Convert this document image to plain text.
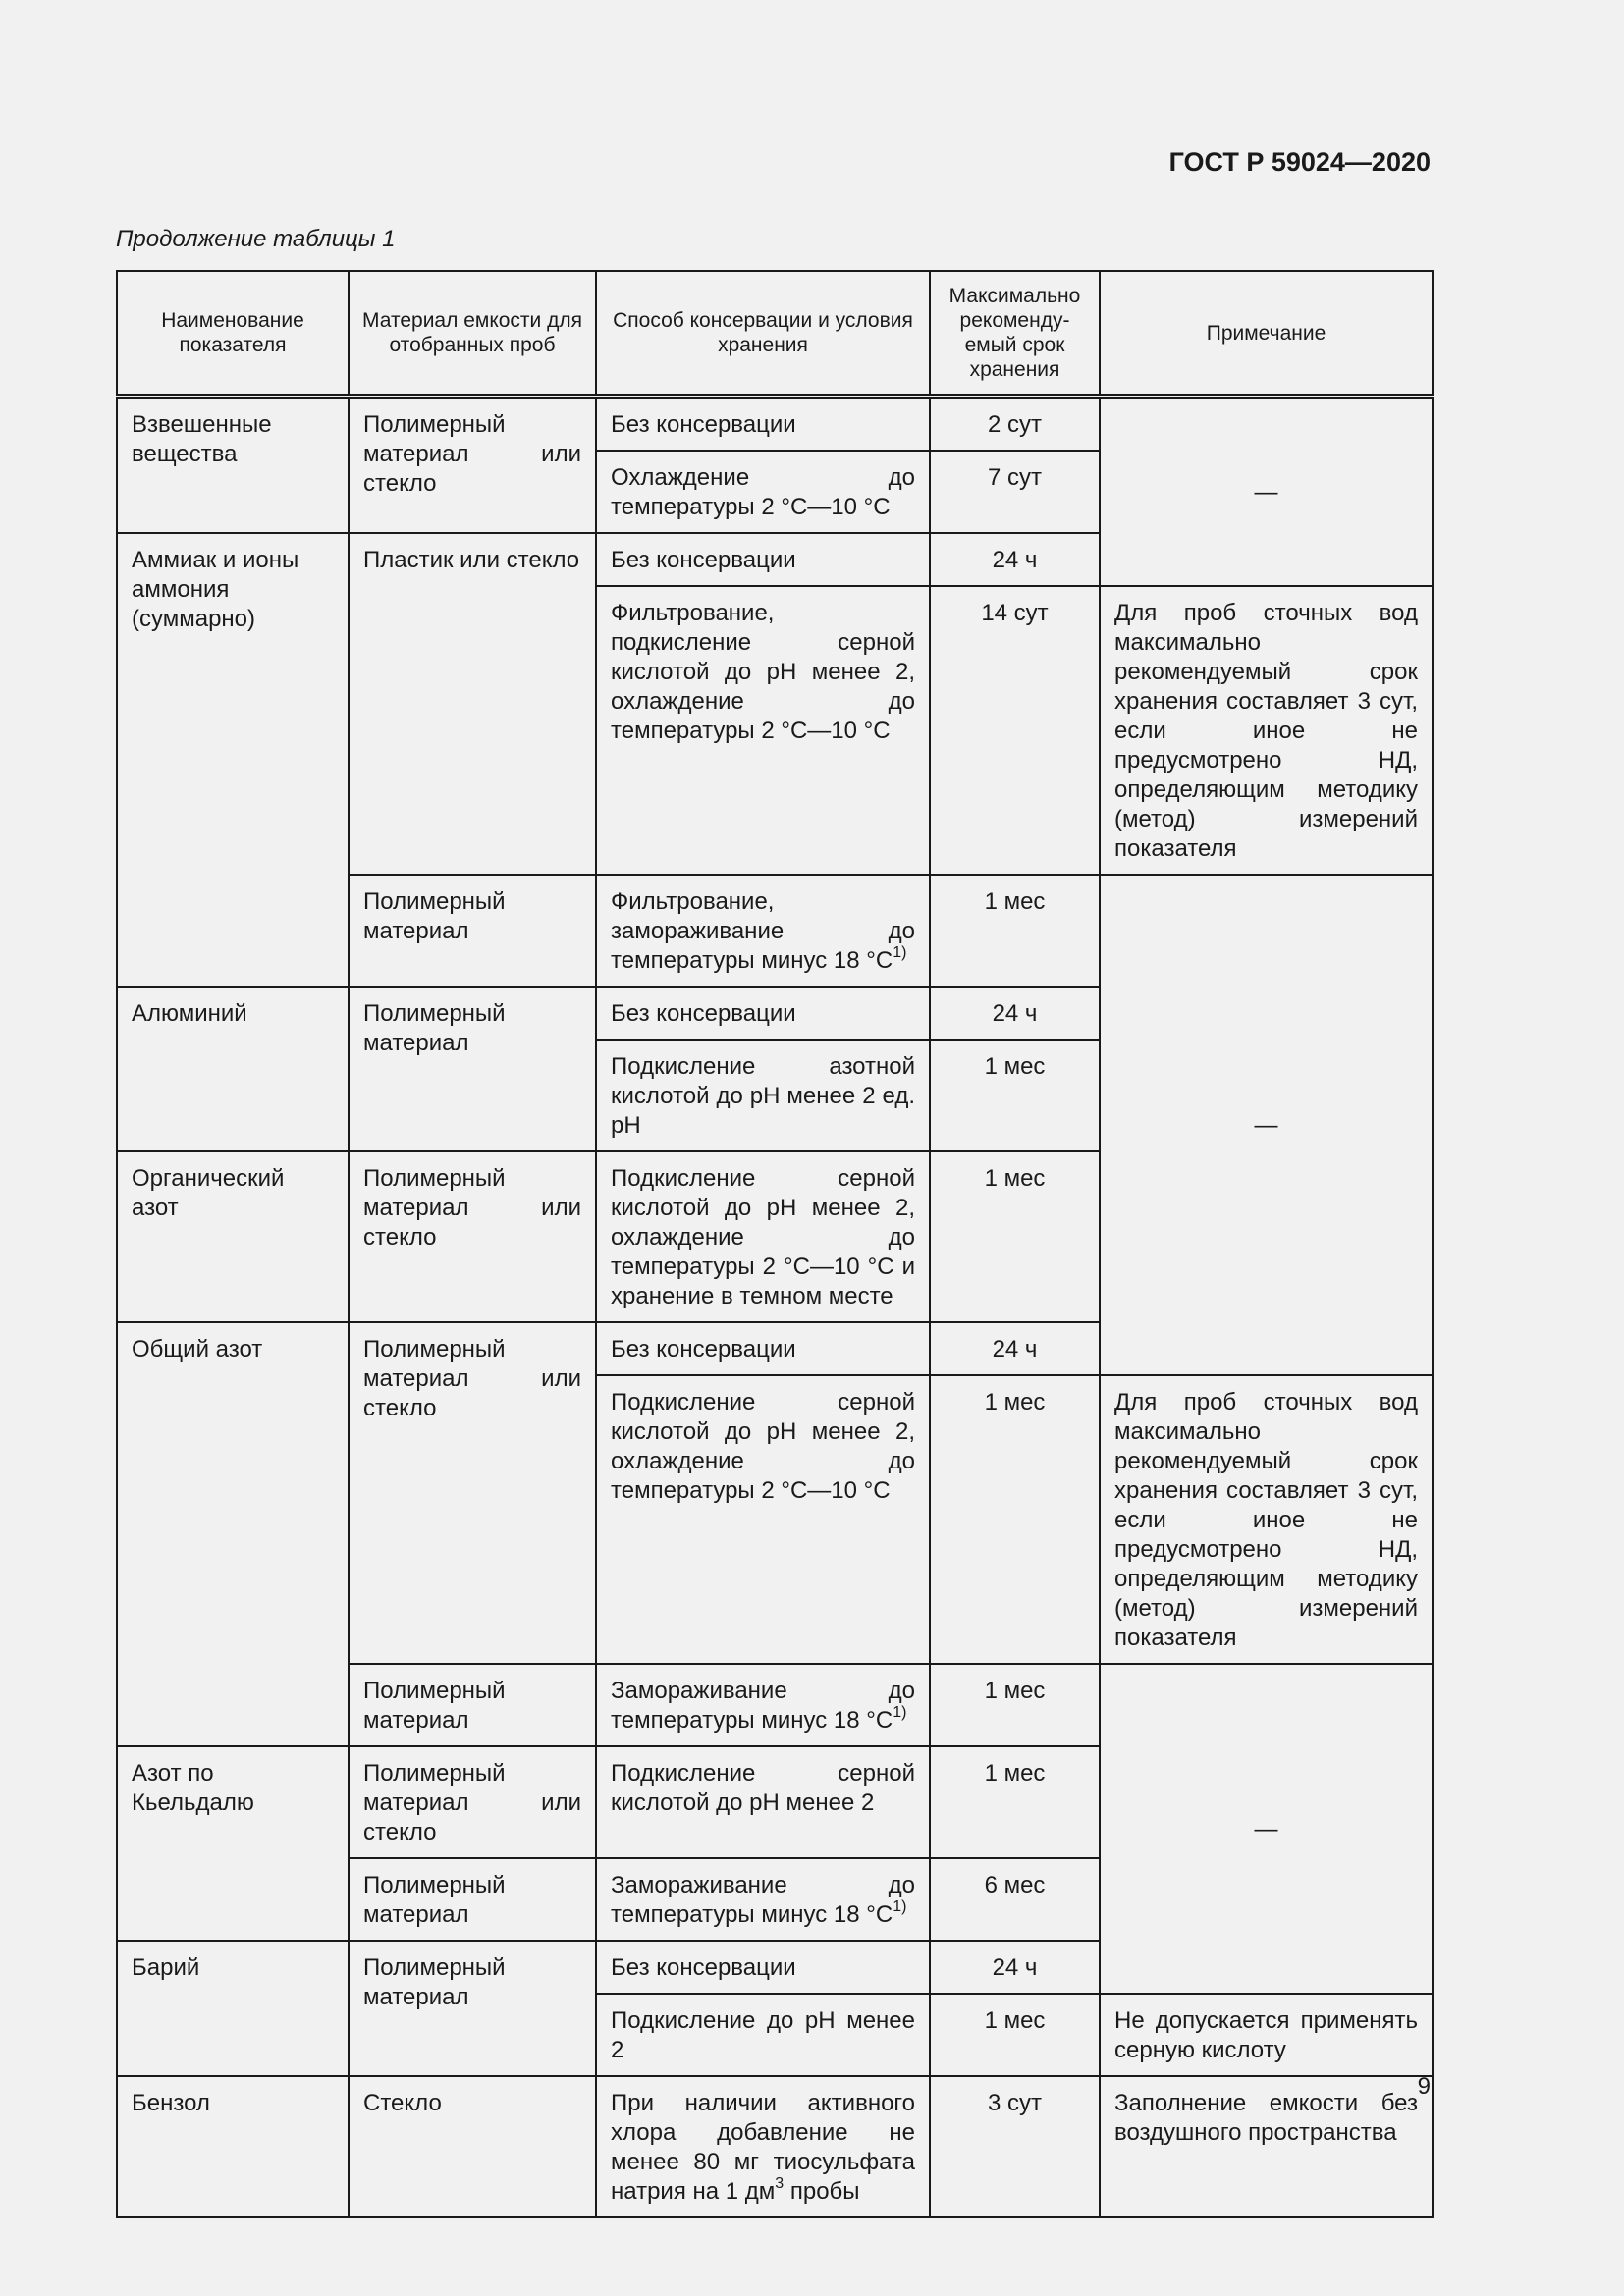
ГОСТ Р 59024—2020
Продолжение таблицы 1
Наименование показателя	Материал емкости для отобранных проб	Способ консервации и условия хранения	Максимально рекоменду-емый срок хранения	Примечание
Взвешенные вещества	Полимерный материал или стекло	Без консервации	2 сут	—
		Охлаждение до температуры 2 °C—10 °C	7 сут	
Аммиак и ионы аммония (суммарно)	Пластик или стекло	Без консервации	24 ч	
		Фильтрование, подкисление серной кислотой до pH менее 2, охлаждение до температуры 2 °C—10 °C	14 сут	Для проб сточных вод максимально рекомендуемый срок хранения составляет 3 сут, если иное не предусмотрено НД, определяющим методику (метод) измерений показателя
	Полимерный материал	Фильтрование, замораживание до температуры минус 18 $^\circ C^{1)}$	1 мес	—
Алюминий	Полимерный материал	Без консервации	24 ч	
		Подкисление азотной кислотой до pH менее 2 ед. pH	1 мес	
Органический азот	Полимерный материал или стекло	Подкисление серной кислотой до pH менее 2, охлаждение до температуры 2 °C—10 °C и хранение в темном месте	1 мес	
Общий азот	Полимерный материал или стекло	Без консервации	24 ч	
		Подкисление серной кислотой до pH менее 2, охлаждение до температуры 2 °C—10 °C	1 мес	Для проб сточных вод максимально рекомендуемый срок хранения составляет 3 сут, если иное не предусмотрено НД, определяющим методику (метод) измерений показателя
	Полимерный материал	Замораживание до температуры минус 18 $^\circ C^{1)}$	1 мес	—
Азот по Кьельдалю	Полимерный материал или стекло	Подкисление серной кислотой до pH менее 2	1 мес	
	Полимерный материал	Замораживание до температуры минус 18 $^\circ C^{1)}$	6 мес	
Барий	Полимерный материал	Без консервации	24 ч	
		Подкисление до pH менее 2	1 мес	Не допускается применять серную кислоту
Бензол	Стекло	При наличии активного хлора добавление не менее 80 мг тиосульфата натрия на 1 $дм^3$ пробы	3 сут	Заполнение емкости без воздушного пространства
9
